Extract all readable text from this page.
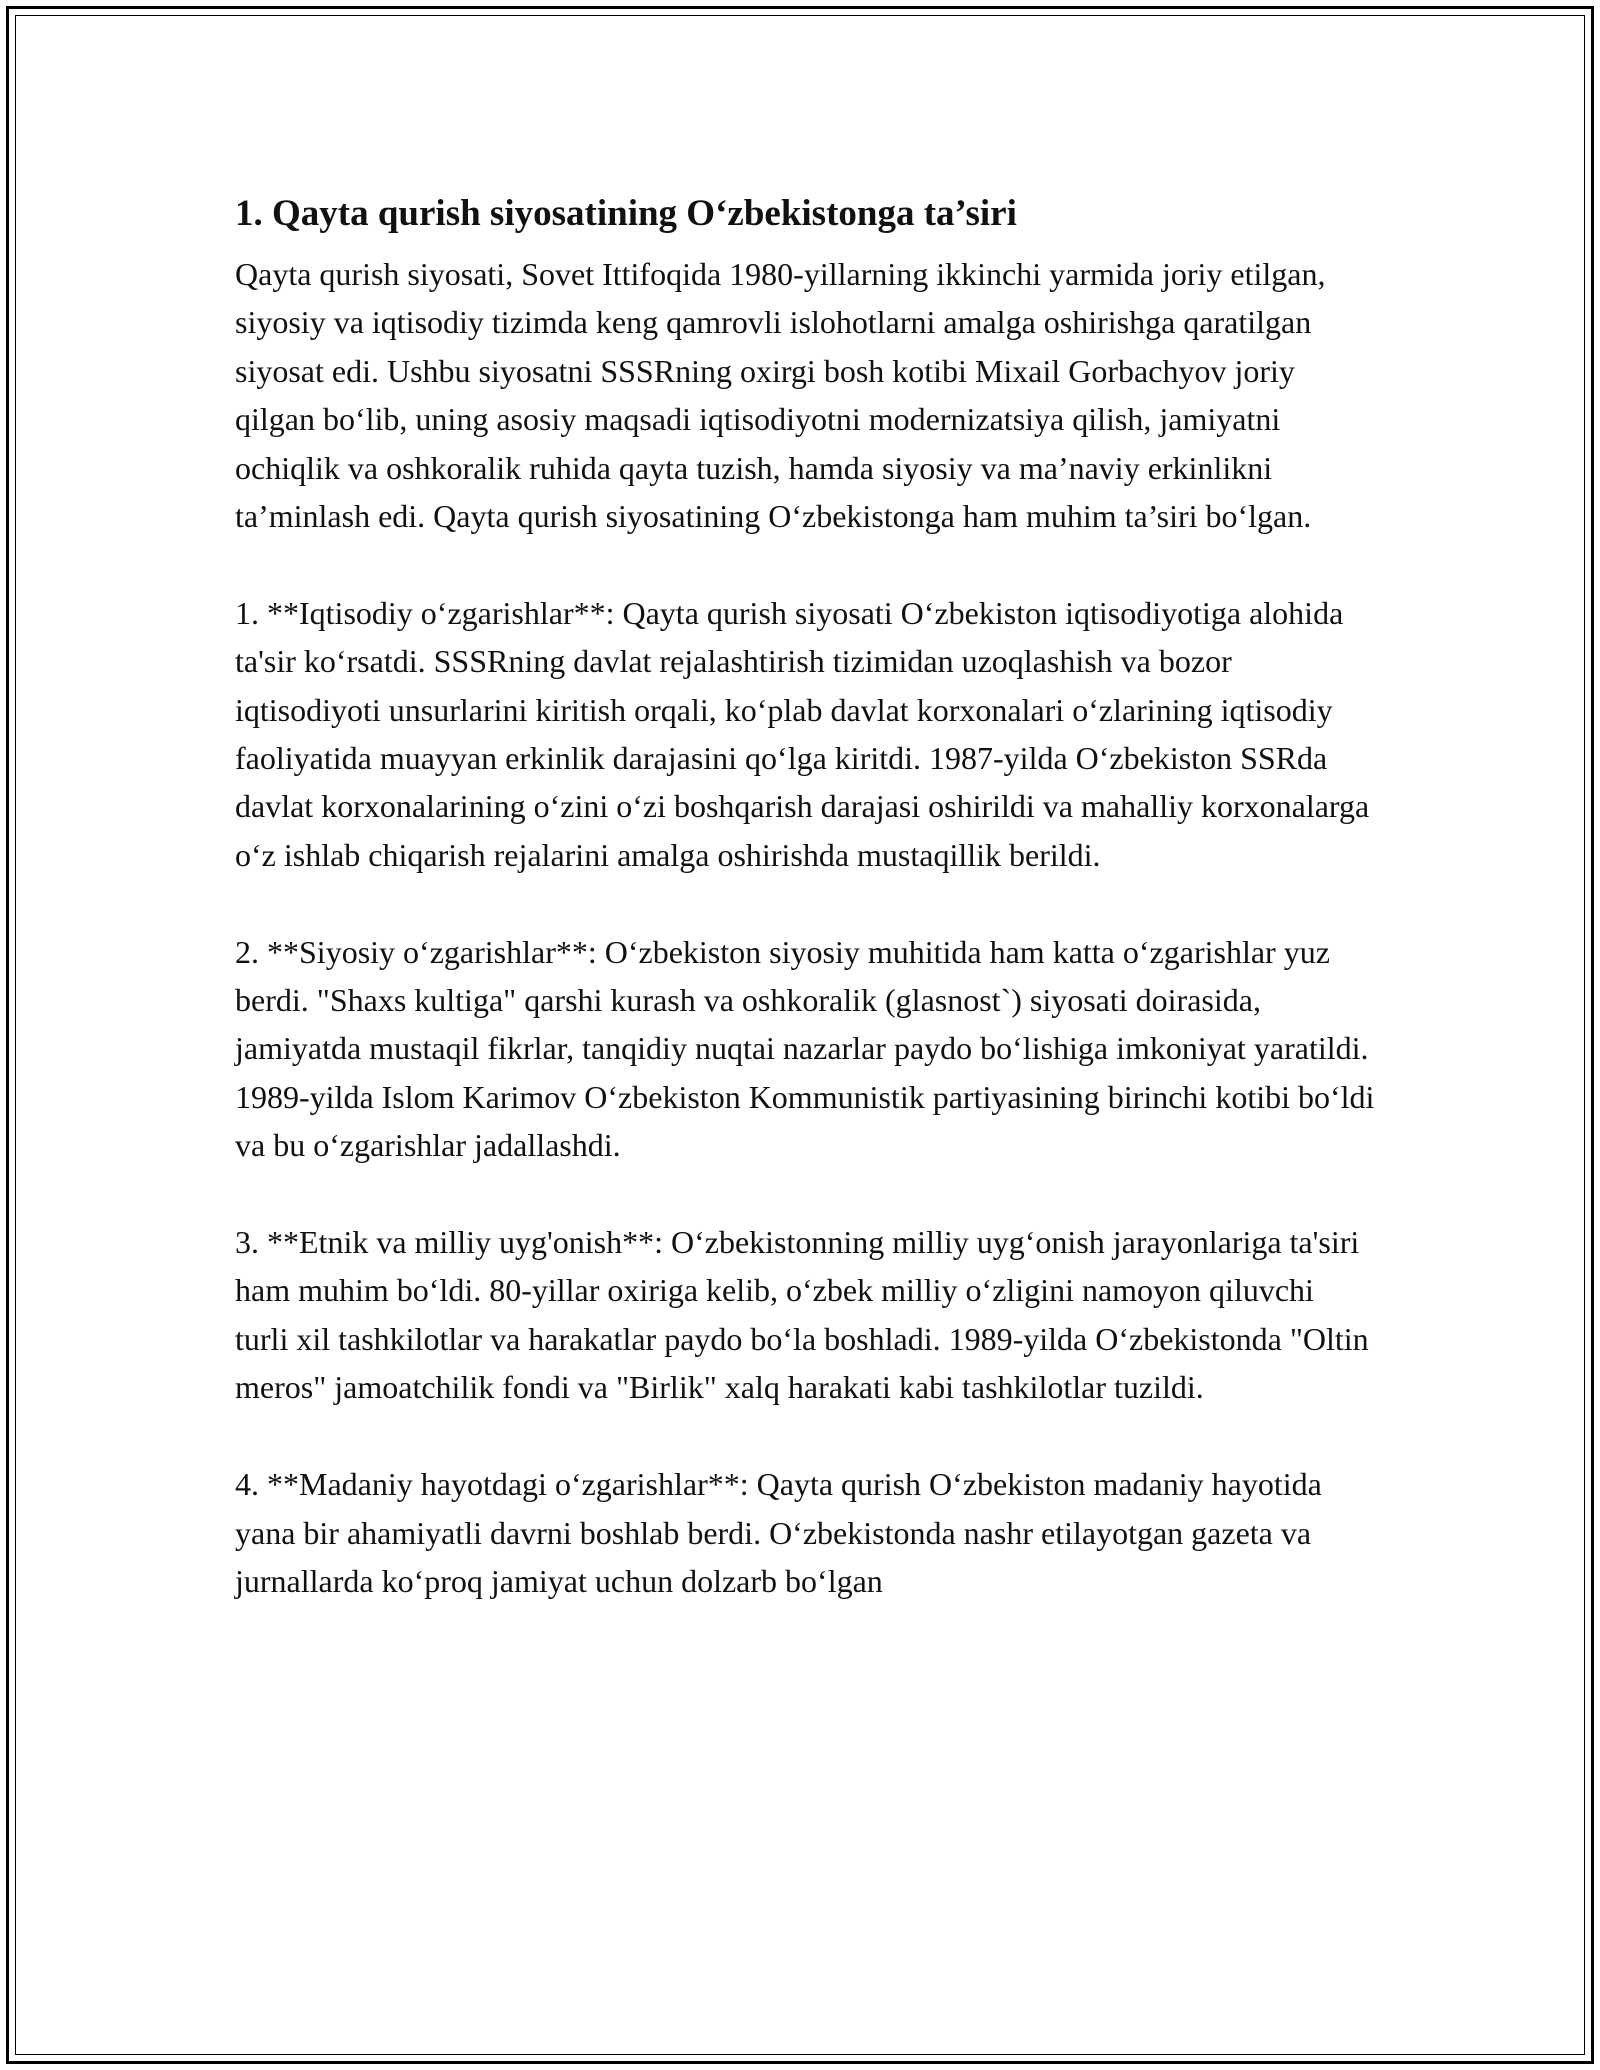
1. Qayta qurish siyosatining O‘zbekistonga ta’siri

Qayta qurish siyosati, Sovet Ittifoqida 1980-yillarning ikkinchi yarmida joriy etilgan, siyosiy va iqtisodiy tizimda keng qamrovli islohotlarni amalga oshirishga qaratilgan siyosat edi. Ushbu siyosatni SSSRning oxirgi bosh kotibi Mixail Gorbachyov joriy qilgan bo‘lib, uning asosiy maqsadi iqtisodiyotni modernizatsiya qilish, jamiyatni ochiqlik va oshkoralik ruhida qayta tuzish, hamda siyosiy va ma’naviy erkinlikni ta’minlash edi. Qayta qurish siyosatining O‘zbekistonga ham muhim ta’siri bo‘lgan.

1. **Iqtisodiy o‘zgarishlar**: Qayta qurish siyosati O‘zbekiston iqtisodiyotiga alohida ta'sir ko‘rsatdi. SSSRning davlat rejalashtirish tizimidan uzoqlashish va bozor iqtisodiyoti unsurlarini kiritish orqali, ko‘plab davlat korxonalari o‘zlarining iqtisodiy faoliyatida muayyan erkinlik darajasini qo‘lga kiritdi. 1987-yilda O‘zbekiston SSRda davlat korxonalarining o‘zini o‘zi boshqarish darajasi oshirildi va mahalliy korxonalarga o‘z ishlab chiqarish rejalarini amalga oshirishda mustaqillik berildi.

2. **Siyosiy o‘zgarishlar**: O‘zbekiston siyosiy muhitida ham katta o‘zgarishlar yuz berdi. "Shaxs kultiga" qarshi kurash va oshkoralik (glasnost`) siyosati doirasida, jamiyatda mustaqil fikrlar, tanqidiy nuqtai nazarlar paydo bo‘lishiga imkoniyat yaratildi. 1989-yilda Islom Karimov O‘zbekiston Kommunistik partiyasining birinchi kotibi bo‘ldi va bu o‘zgarishlar jadallashdi.

3. **Etnik va milliy uyg'onish**: O‘zbekistonning milliy uyg‘onish jarayonlariga ta'siri ham muhim bo‘ldi. 80-yillar oxiriga kelib, o‘zbek milliy o‘zligini namoyon qiluvchi turli xil tashkilotlar va harakatlar paydo bo‘la boshladi. 1989-yilda O‘zbekistonda "Oltin meros" jamoatchilik fondi va "Birlik" xalq harakati kabi tashkilotlar tuzildi.

4. **Madaniy hayotdagi o‘zgarishlar**: Qayta qurish O‘zbekiston madaniy hayotida yana bir ahamiyatli davrni boshlab berdi. O‘zbekistonda nashr etilayotgan gazeta va jurnallarda ko‘proq jamiyat uchun dolzarb bo‘lgan
